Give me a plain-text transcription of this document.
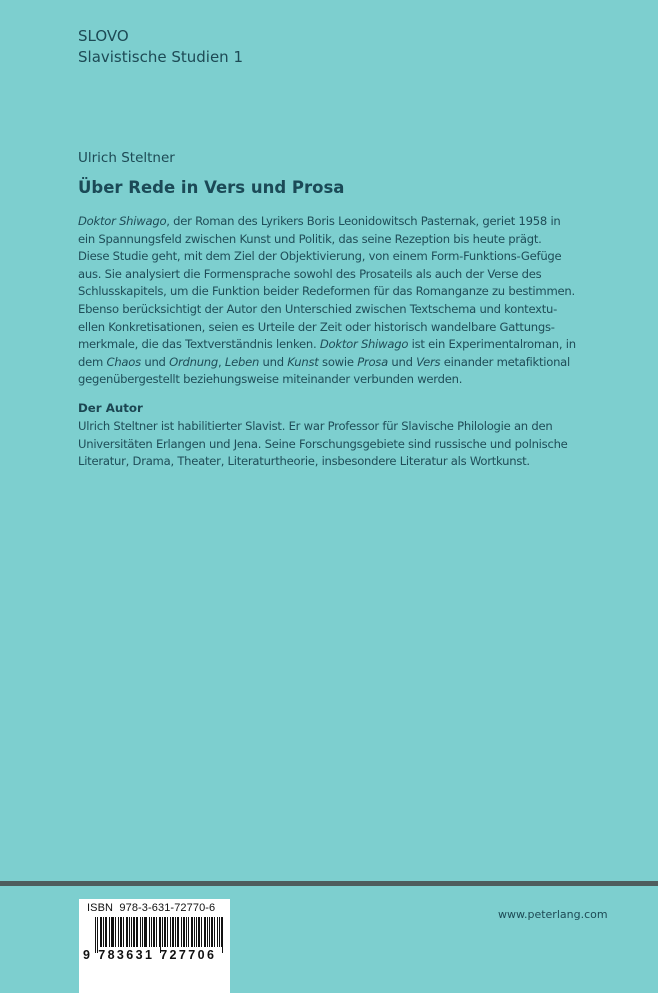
SLOVO
Slavistische Studien 1
Ulrich Steltner
Über Rede in Vers und Prosa

Doktor Shiwago, der Roman des Lyrikers Boris Leonidowitsch Pasternak, geriet 1958 in

ein Spannungsfeld zwischen Kunst und Politik, das seine Rezeption bis heute prägt.

Diese Studie geht, mit dem Ziel der Objektivierung, von einem Form-Funktions-Gefüge

aus. Sie analysiert die Formensprache sowohl des Prosateils als auch der Verse des

Schlusskapitels, um die Funktion beider Redeformen für das Romanganze zu bestimmen.

Ebenso berücksichtigt der Autor den Unterschied zwischen Textschema und kontextu-

ellen Konkretisationen, seien es Urteile der Zeit oder historisch wandelbare Gattungs-

merkmale, die das Textverständnis lenken. Doktor Shiwago ist ein Experimentalroman, in

dem Chaos und Ordnung, Leben und Kunst sowie Prosa und Vers einander metafiktional

gegenübergestellt beziehungsweise miteinander verbunden werden.

Der Autor

Ulrich Steltner ist habilitierter Slavist. Er war Professor für Slavische Philologie an den

Universitäten Erlangen und Jena. Seine Forschungsgebiete sind russische und polnische

Literatur, Drama, Theater, Literaturtheorie, insbesondere Literatur als Wortkunst.

ISBN  978-3-631-72770-6
9 783631 727706
www.peterlang.com
